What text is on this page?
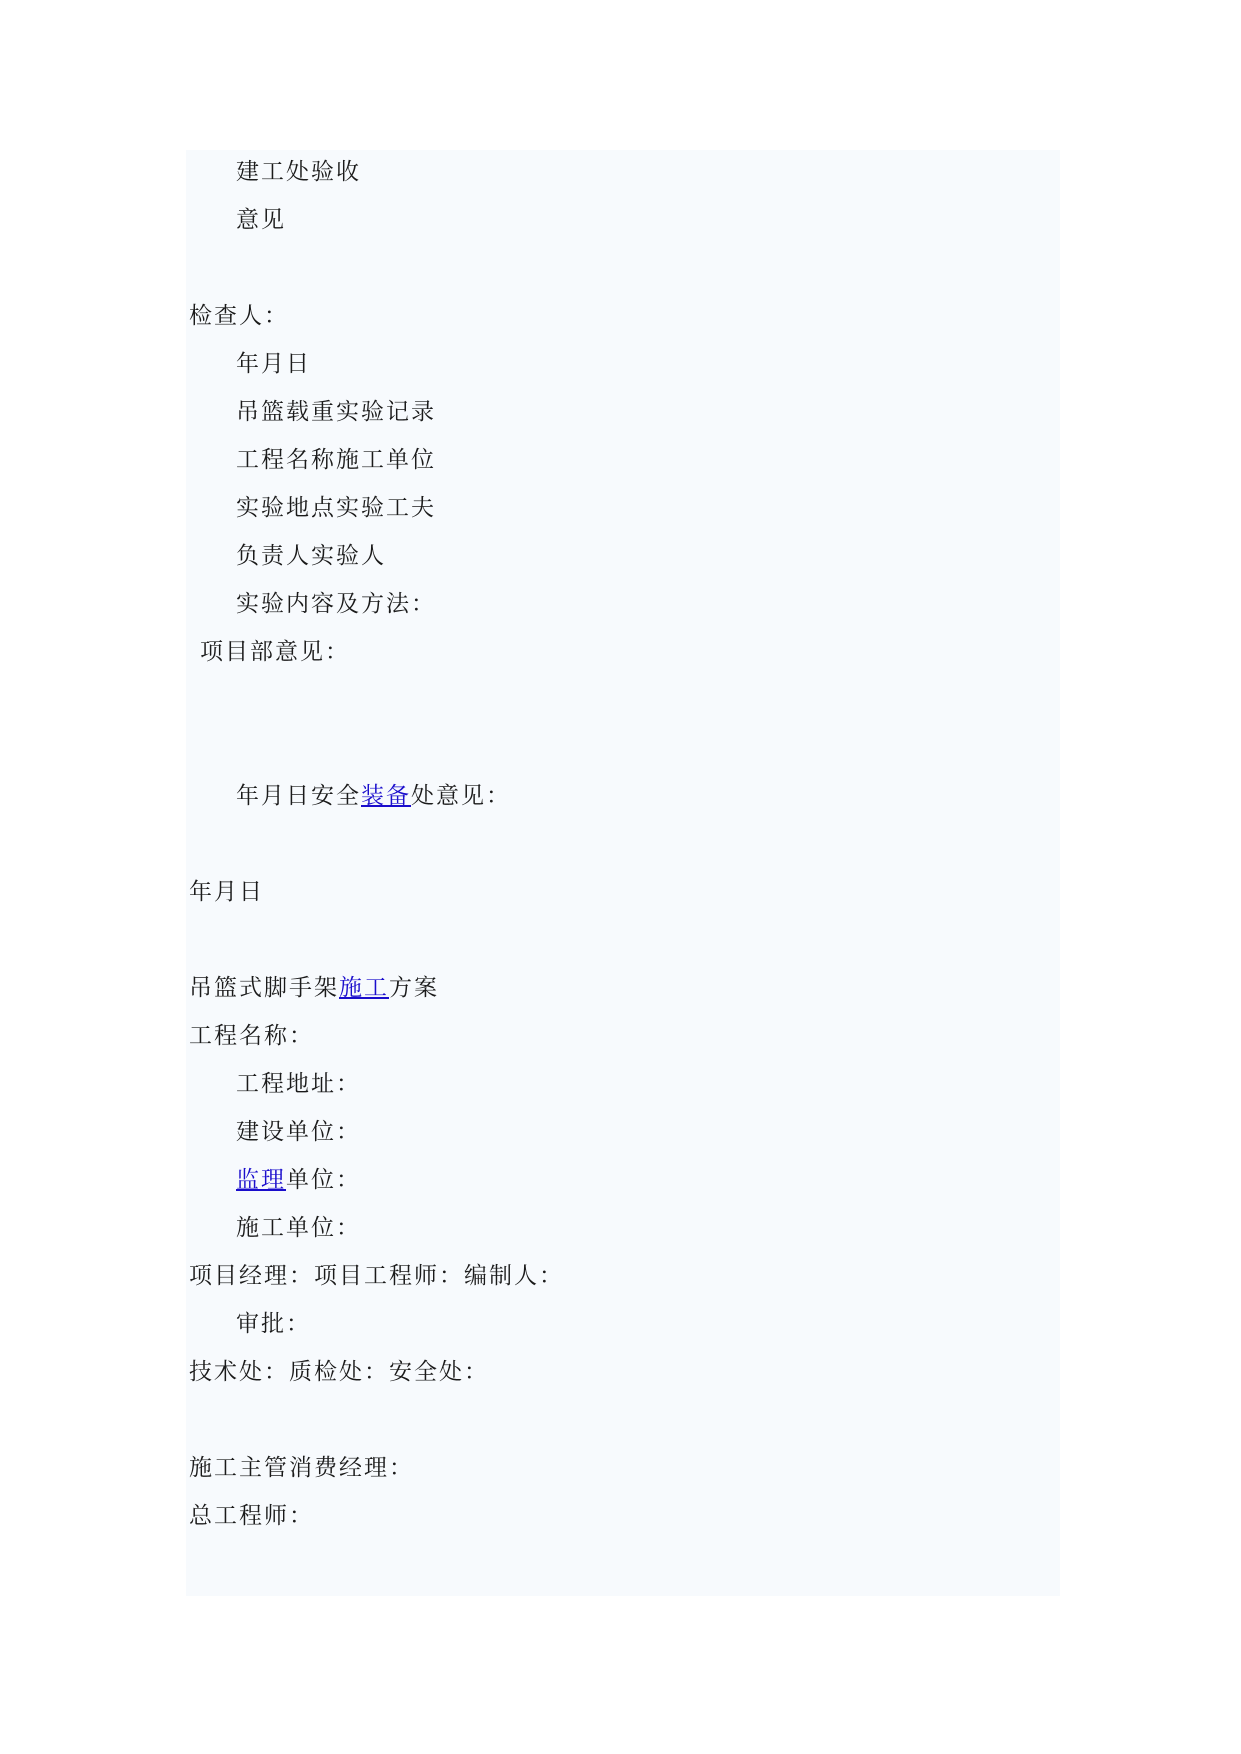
建工处验收
意见
检查人：
年月日
吊篮载重实验记录
工程名称施工单位
实验地点实验工夫
负责人实验人
实验内容及方法：
项目部意见：
年月日安全装备处意见：
年月日
吊篮式脚手架施工方案
工程名称：
工程地址：
建设单位：
监理单位：
施工单位：
项目经理：项目工程师：编制人：
审批：
技术处：质检处：安全处：
施工主管消费经理：
总工程师：
